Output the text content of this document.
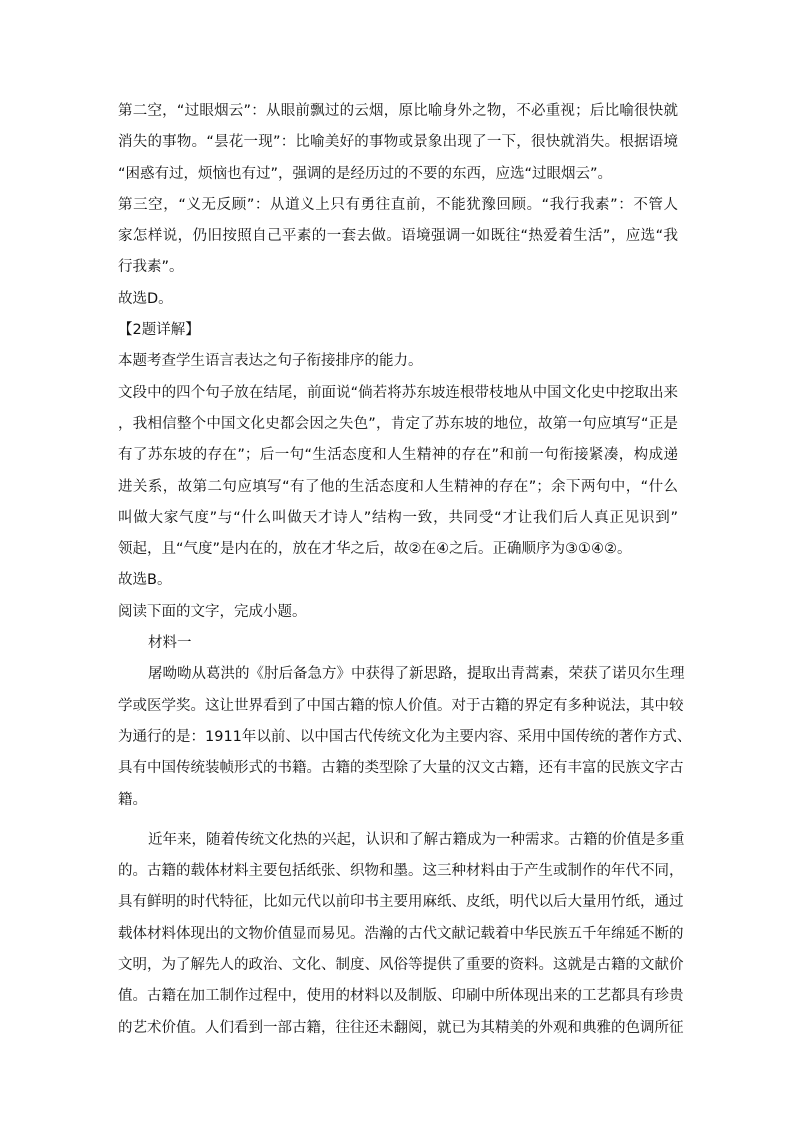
第二空，“过眼烟云”：从眼前飘过的云烟，原比喻身外之物，不必重视；后比喻很快就
消失的事物。“昙花一现”：比喻美好的事物或景象出现了一下，很快就消失。根据语境
“困惑有过，烦恼也有过”，强调的是经历过的不要的东西，应选“过眼烟云”。
第三空，“义无反顾”：从道义上只有勇往直前，不能犹豫回顾。“我行我素”：不管人
家怎样说，仍旧按照自己平素的一套去做。语境强调一如既往“热爱着生活”，应选“我
行我素”。
故选D。
【2题详解】
本题考查学生语言表达之句子衔接排序的能力。
文段中的四个句子放在结尾，前面说“倘若将苏东坡连根带枝地从中国文化史中挖取出来
，我相信整个中国文化史都会因之失色”，肯定了苏东坡的地位，故第一句应填写“正是
有了苏东坡的存在”；后一句“生活态度和人生精神的存在”和前一句衔接紧凑，构成递
进关系，故第二句应填写“有了他的生活态度和人生精神的存在”；余下两句中，“什么
叫做大家气度”与“什么叫做天才诗人”结构一致，共同受“才让我们后人真正见识到”
领起，且“气度”是内在的，放在才华之后，故②在④之后。正确顺序为③①④②。
故选B。
阅读下面的文字，完成小题。
材料一
屠呦呦从葛洪的《肘后备急方》中获得了新思路，提取出青蒿素，荣获了诺贝尔生理
学或医学奖。这让世界看到了中国古籍的惊人价值。对于古籍的界定有多种说法，其中较
为通行的是：1911年以前、以中国古代传统文化为主要内容、采用中国传统的著作方式、
具有中国传统装帧形式的书籍。古籍的类型除了大量的汉文古籍，还有丰富的民族文字古
籍。
近年来，随着传统文化热的兴起，认识和了解古籍成为一种需求。古籍的价值是多重
的。古籍的载体材料主要包括纸张、织物和墨。这三种材料由于产生或制作的年代不同，
具有鲜明的时代特征，比如元代以前印书主要用麻纸、皮纸，明代以后大量用竹纸，通过
载体材料体现出的文物价值显而易见。浩瀚的古代文献记载着中华民族五千年绵延不断的
文明，为了解先人的政治、文化、制度、风俗等提供了重要的资料。这就是古籍的文献价
值。古籍在加工制作过程中，使用的材料以及制版、印刷中所体现出来的工艺都具有珍贵
的艺术价值。人们看到一部古籍，往往还未翻阅，就已为其精美的外观和典雅的色调所征
